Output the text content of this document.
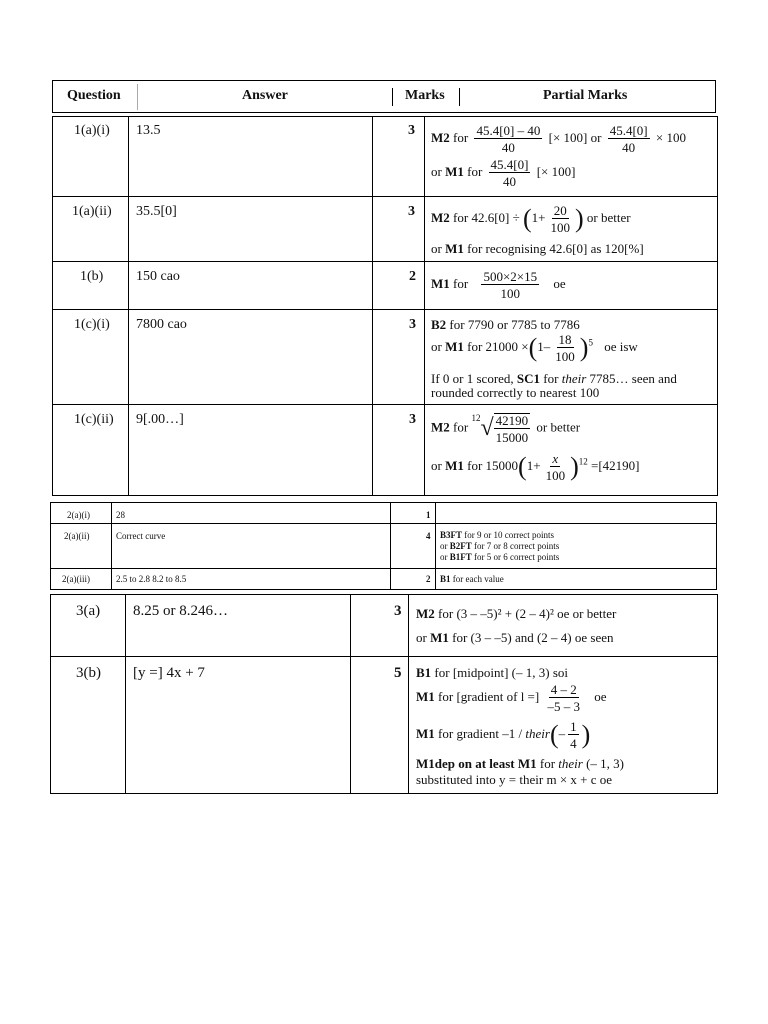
Question	Answer	Marks	Partial Marks
1(a)(i) 13.5	3 M2 for $\frac{45.4[0] - 40}{40}$ [× 100] or $\frac{45.4[0]}{40} \times 100$
or M1 for $\frac{45.4[0]}{40}$ [× 100]
1(a)(ii) 35.5[0]	3 M2 for $42.6[0] \div (1+ \frac{20}{100}$ ) or better
or M1 for recognising 42.6[0] as 120[%]
1(b) 150 cao	2 M1 for $\frac{500\times 2\times 15}{100}$ oe
1(c)(i) 7800 cao	3 B2 for 7790 or 7785 to 7786
or M1 for $21000 \times(1- \frac{18}{100} )^5$ oe isw
If 0 or 1 scored, SC1 for their 7785… seen and
rounded correctly to nearest 100
1(c)(ii) 9[.00…]	3 M2 for $^{12}√ \frac{42190}{15000}$ or better
or M1 for $15000(1+ \frac{x}{100} )^{12} =[42190]$
2(a)(i)	28	1
2(a)(ii)	Correct curve	4 B3FT for 9 or 10 correct points
or B2FT for 7 or 8 correct points
or B1FT for 5 or 6 correct points
2(a)(iii)	2.5 to 2.8 8.2 to 8.5	2 B1 for each value
3(a) 8.25 or 8.246…	3 M2 for (3 – –5)² + (2 – 4)² oe or better
or M1 for (3 – –5) and (2 – 4) oe seen
3(b) [y =] 4x + 7	5 B1 for [midpoint] (– 1, 3) soi
M1 for [gradient of l =] $\frac{4 - 2}{-5 - 3}$ oe
M1 for gradient –1 / their(– $\frac{1}{4}$ )
M1dep on at least M1 for their (– 1, 3)
substituted into y = their m × x + c oe
